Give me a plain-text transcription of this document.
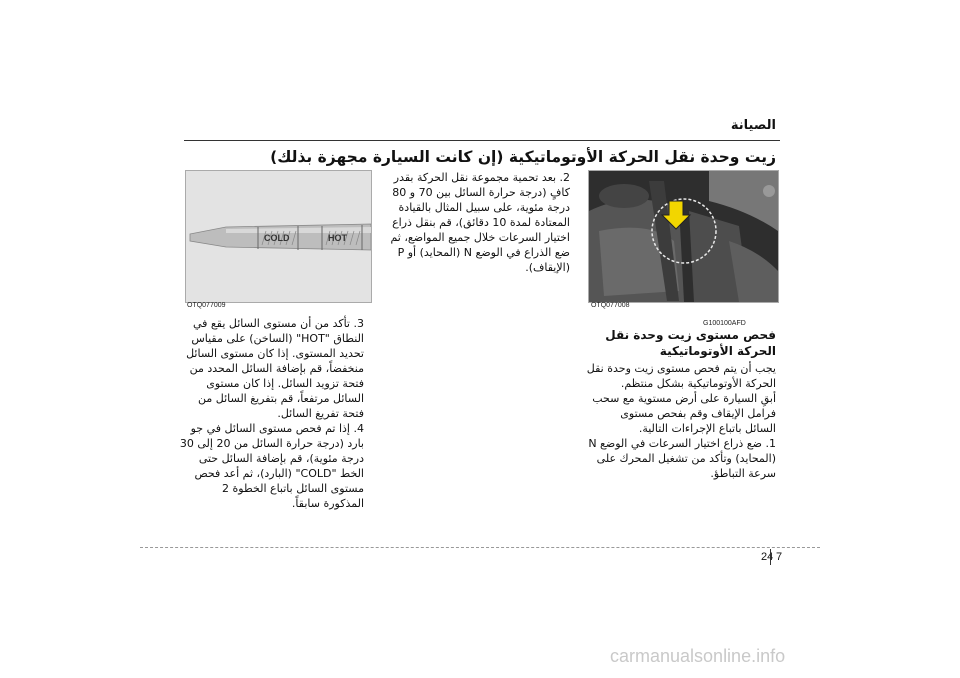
الصيانة
زيت وحدة نقل الحركة الأوتوماتيكية (إن كانت السيارة مجهزة بذلك)
OTQ077008
COLD	HOT
OTQ077009
G100100AFD
فحص مستوى زيت وحدة نقل الحركة الأوتوماتيكية

يجب أن يتم فحص مستوى زيت وحدة نقل الحركة الأوتوماتيكية بشكل منتظم.

أبقِ السيارة على أرض مستوية مع سحب فرامل الإيقاف وقم بفحص مستوى السائل باتباع الإجراءات التالية.

1. ضع ذراع اختيار السرعات في الوضع N (المحايد) وتأكد من تشغيل المحرك على سرعة التباطؤ.

2. بعد تحمية مجموعة نقل الحركة بقدر كافٍ (درجة حرارة السائل بين 70 و 80 درجة مئوية، على سبيل المثال بالقيادة المعتادة لمدة 10 دقائق)، قم بنقل ذراع اختيار السرعات خلال جميع المواضع، ثم ضع الذراع في الوضع N (المحايد) أو P (الإيقاف).

3. تأكد من أن مستوى السائل يقع في النطاق "HOT" (الساخن) على مقياس تحديد المستوى. إذا كان مستوى السائل منخفضاً، قم بإضافة السائل المحدد من فتحة تزويد السائل. إذا كان مستوى السائل مرتفعاً، قم بتفريغ السائل من فتحة تفريغ السائل.

4. إذا تم فحص مستوى السائل في جو بارد (درجة حرارة السائل من 20 إلى 30 درجة مئوية)، قم بإضافة السائل حتى الخط "COLD" (البارد)، ثم أعد فحص مستوى السائل باتباع الخطوة 2 المذكورة سابقاً.

24 7
carmanualsonline.info
